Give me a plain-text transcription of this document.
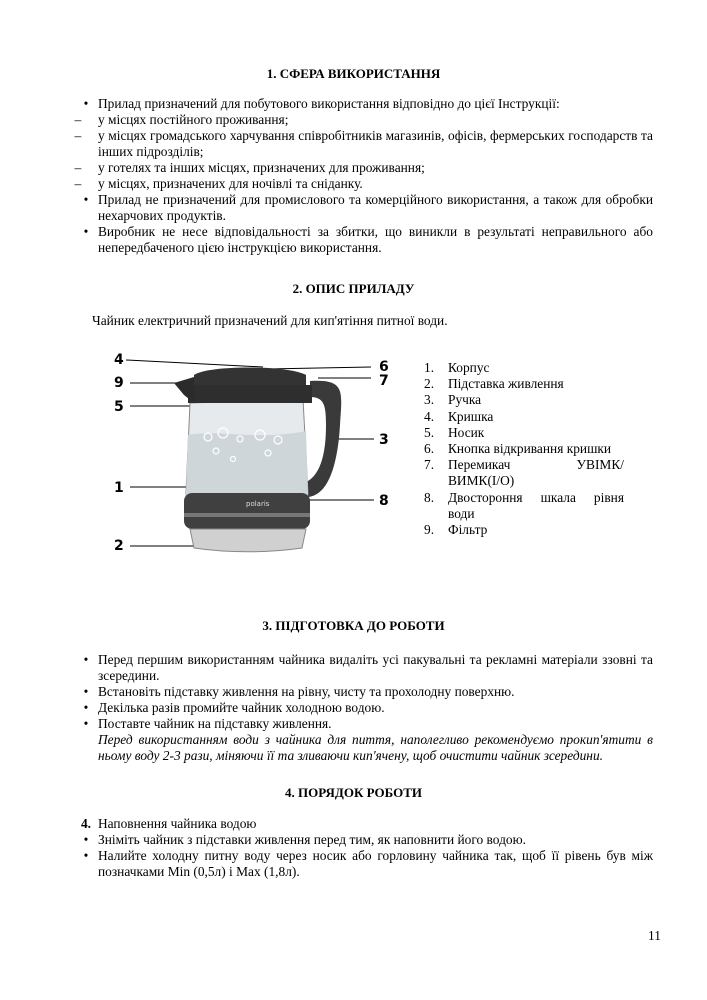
1. СФЕРА ВИКОРИСТАННЯ
• Прилад призначений для побутового використання відповідно до цієї Інструкції:
–	у місцях постійного проживання;
–	у місцях громадського харчування співробітників магазинів, офісів, фермерських господарств та інших підрозділів;
–	у готелях та інших місцях, призначених для проживання;
–	у місцях, призначених для ночівлі та сніданку.
• Прилад не призначений для промислового та комерційного використання, а також для обробки нехарчових продуктів.
• Виробник не несе відповідальності за збитки, що виникли в результаті неправильного або непередбаченого цією інструкцією використання.
2. ОПИС ПРИЛАДУ
Чайник електричний призначений для кип'ятіння питної води.
polaris
4
9
5
1
2
6
7
3
8
1. Корпус
2. Підставка живлення
3. Ручка
4. Кришка
5. Носик
6. Кнопка відкривання кришки
7. Перемикач УВІМК/ВИМК(I/O)
8. Двостороння шкала рівня води
9. Фільтр
3. ПІДГОТОВКА ДО РОБОТИ
• Перед першим використанням чайника видаліть усі пакувальні та рекламні матеріали ззовні та зсередини.
• Встановіть підставку живлення на рівну, чисту та прохолодну поверхню.
• Декілька разів промийте чайник холодною водою.
• Поставте чайник на підставку живлення.
Перед використанням води з чайника для пиття, наполегливо рекомендуємо прокип'ятити в ньому воду 2-3 рази, міняючи її та зливаючи кип'ячену, щоб очистити чайник зсередини.
4. ПОРЯДОК РОБОТИ
4. Наповнення чайника водою
• Зніміть чайник з підставки живлення перед тим, як наповнити його водою.
• Налийте холодну питну воду через носик або горловину чайника так, щоб її рівень був між позначками Min (0,5л) і Max (1,8л).
11
